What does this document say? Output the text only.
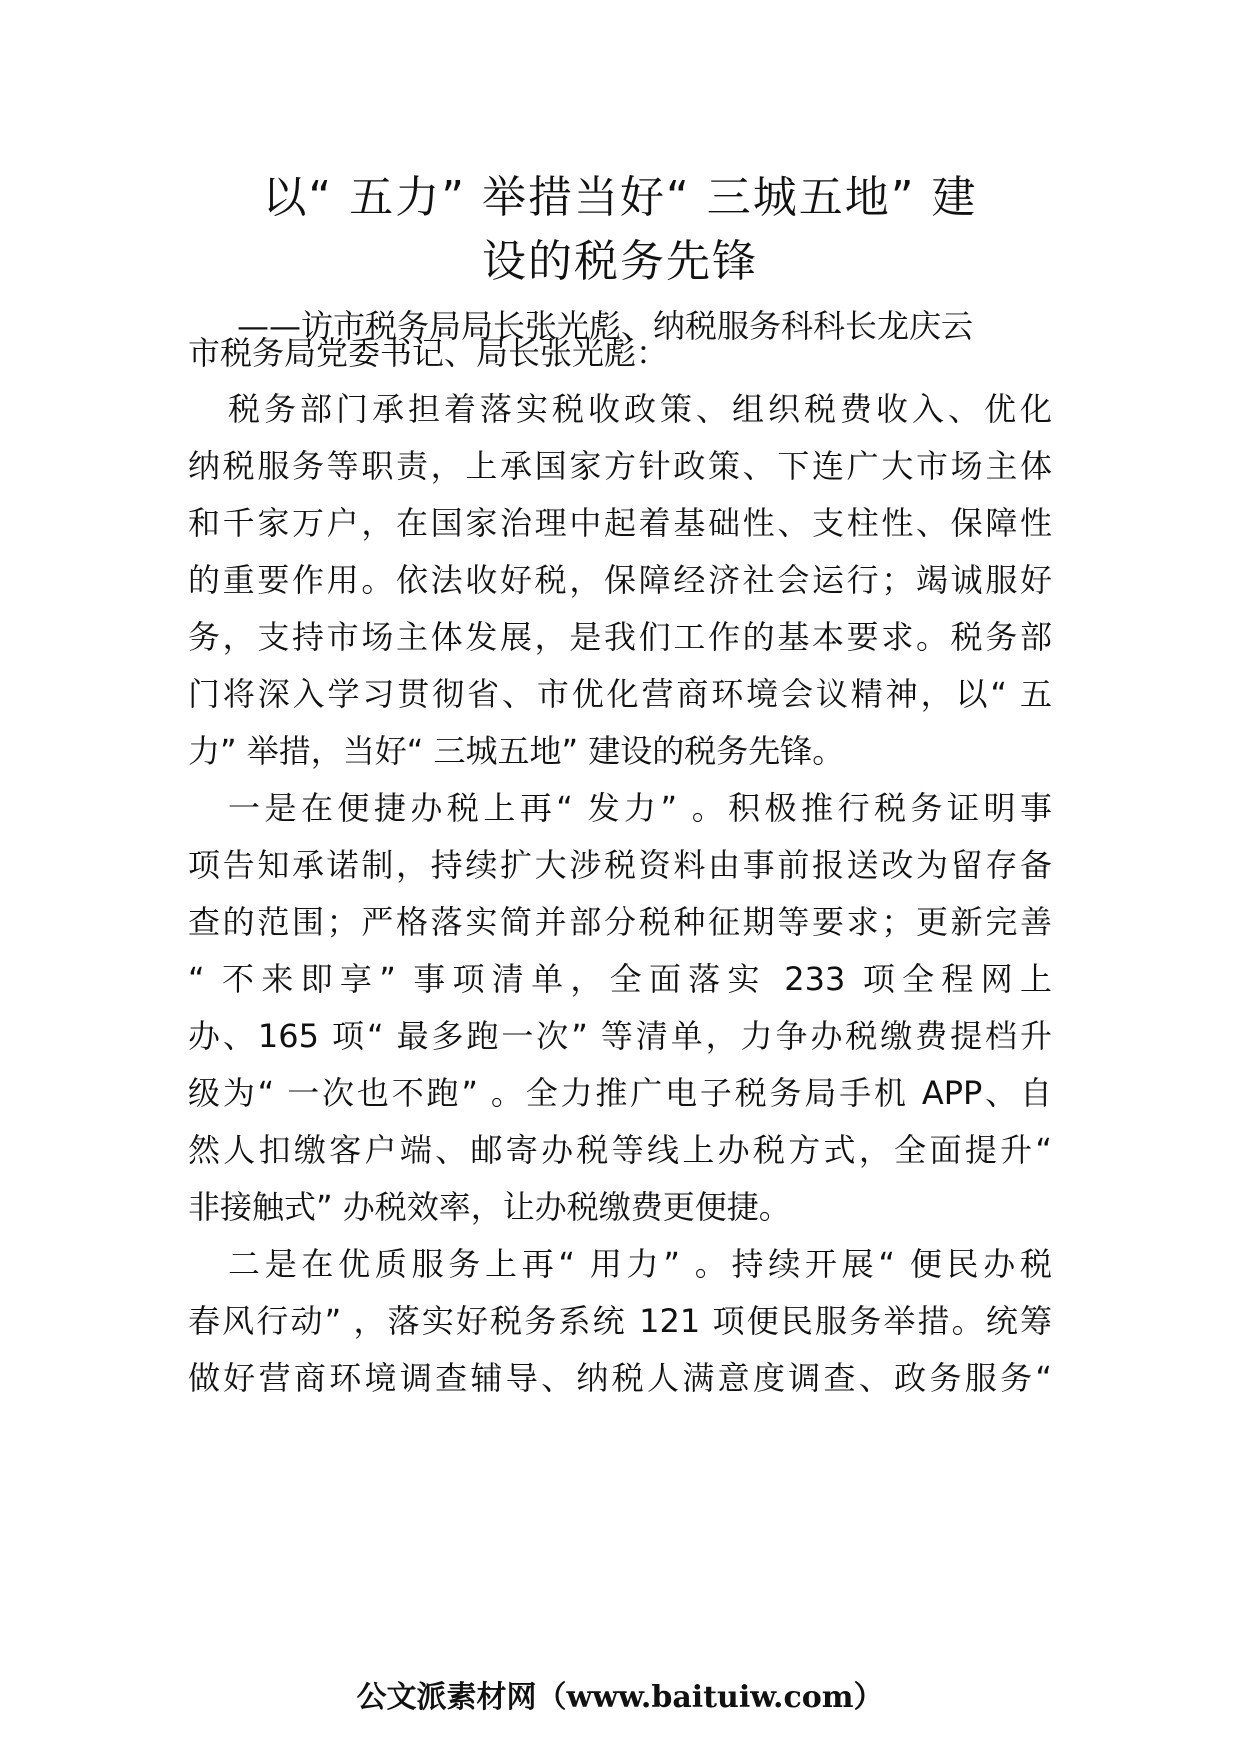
以“ 五力” 举措当好“ 三城五地” 建
设的税务先锋
——访市税务局局长张光彪、纳税服务科科长龙庆云
市税务局党委书记、局长张光彪：
税务部门承担着落实税收政策、组织税费收入、优化
纳税服务等职责，上承国家方针政策、下连广大市场主体
和千家万户，在国家治理中起着基础性、支柱性、保障性
的重要作用。依法收好税，保障经济社会运行；竭诚服好
务，支持市场主体发展，是我们工作的基本要求。税务部
门将深入学习贯彻省、市优化营商环境会议精神，以“ 五
力” 举措，当好“ 三城五地” 建设的税务先锋。
一是在便捷办税上再“ 发力” 。积极推行税务证明事
项告知承诺制，持续扩大涉税资料由事前报送改为留存备
查的范围；严格落实简并部分税种征期等要求；更新完善
“ 不来即享” 事项清单，全面落实 233 项全程网上
办、165 项“ 最多跑一次” 等清单，力争办税缴费提档升
级为“ 一次也不跑” 。全力推广电子税务局手机 APP、自
然人扣缴客户端、邮寄办税等线上办税方式，全面提升“
非接触式” 办税效率，让办税缴费更便捷。
二是在优质服务上再“ 用力” 。持续开展“ 便民办税
春风行动” ，落实好税务系统 121 项便民服务举措。统筹
做好营商环境调查辅导、纳税人满意度调查、政务服务“
公文派素材网（www.baituiw.com）
